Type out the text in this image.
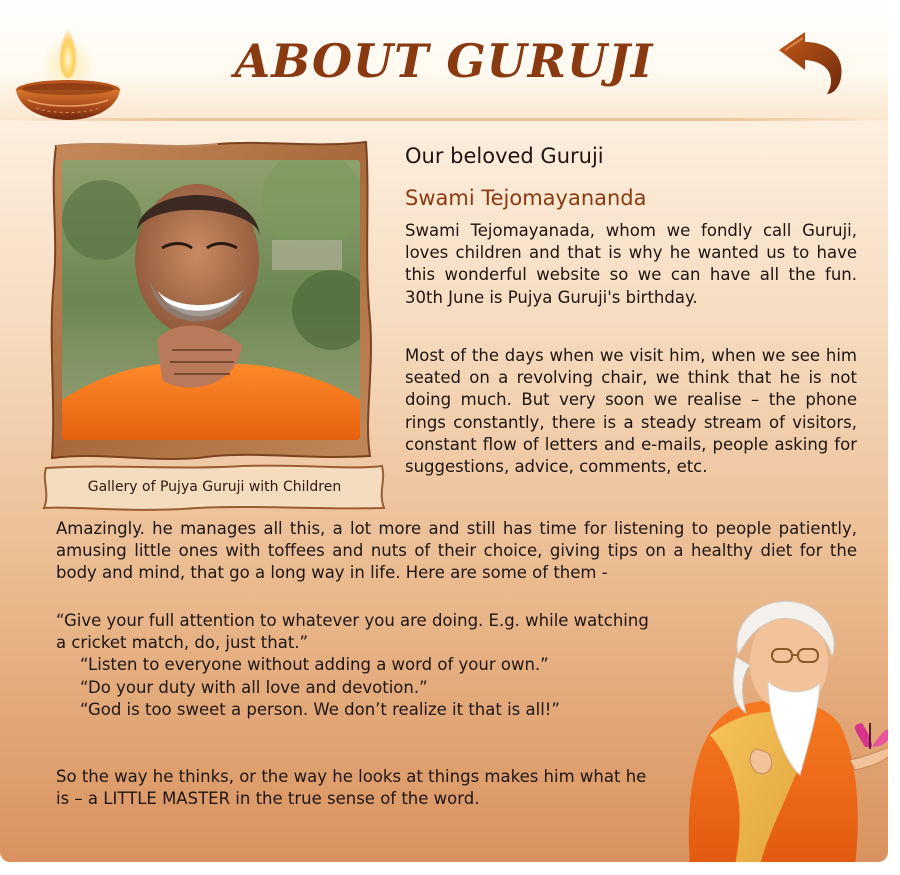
ABOUT GURUJI
Gallery of Pujya Guruji with Children

Our beloved Guruji

Swami Tejomayananda

Swami Tejomayanada, whom we fondly call Guruji, loves children and that is why he wanted us to have this wonderful website so we can have all the fun. 30th June is Pujya Guruji's birthday.

Most of the days when we visit him, when we see him seated on a revolving chair, we think that he is not doing much. But very soon we realise – the phone rings constantly, there is a steady stream of visitors, constant flow of letters and e-mails, people asking for suggestions, advice, comments, etc.

Amazingly. he manages all this, a lot more and still has time for listening to people patiently, amusing little ones with toffees and nuts of their choice, giving tips on a healthy diet for the body and mind, that go a long way in life. Here are some of them -

“Give your full attention to whatever you are doing. E.g. while watching a cricket match, do, just that.”
“Listen to everyone without adding a word of your own.”
“Do your duty with all love and devotion.”
“God is too sweet a person. We don’t realize it that is all!”

So the way he thinks, or the way he looks at things makes him what he is – a LITTLE MASTER in the true sense of the word.
